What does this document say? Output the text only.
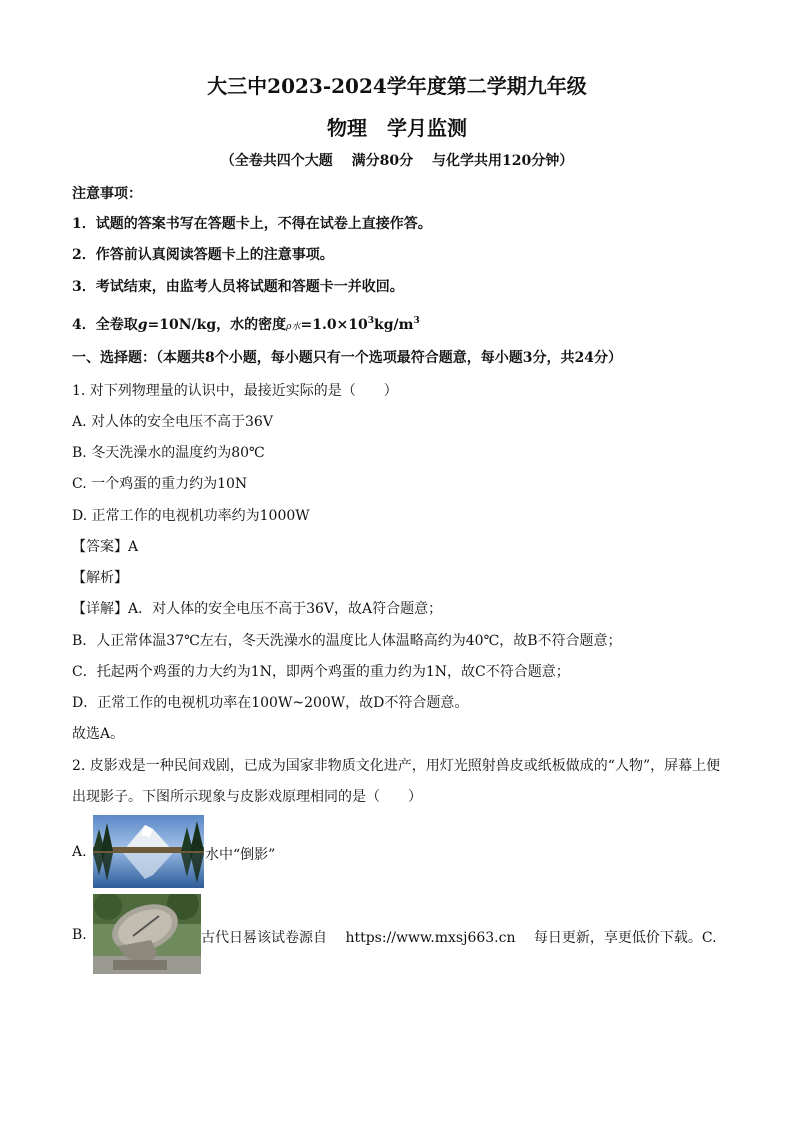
大三中2023-2024学年度第二学期九年级
物理　学月监测
（全卷共四个大题　 满分80分　 与化学共用120分钟）
注意事项：
1．试题的答案书写在答题卡上，不得在试卷上直接作答。
2．作答前认真阅读答题卡上的注意事项。
3．考试结束，由监考人员将试题和答题卡一并收回。
4．全卷取g=10N/kg，水的密度ρ水$=1.0\times 10^3kg/m^3$
一、选择题：（本题共8个小题，每小题只有一个选项最符合题意，每小题3分，共24分）
1. 对下列物理量的认识中，最接近实际的是（　　）
A. 对人体的安全电压不高于36V
B. 冬天洗澡水的温度约为80℃
C. 一个鸡蛋的重力约为10N
D. 正常工作的电视机功率约为1000W
【答案】A
【解析】
【详解】A．对人体的安全电压不高于36V，故A符合题意；
B．人正常体温37℃左右，冬天洗澡水的温度比人体温略高约为40℃，故B不符合题意；
C．托起两个鸡蛋的力大约为1N，即两个鸡蛋的重力约为1N，故C不符合题意；
D．正常工作的电视机功率在100W~200W，故D不符合题意。
故选A。
2. 皮影戏是一种民间戏剧，已成为国家非物质文化进产，用灯光照射兽皮或纸板做成的“人物”，屏幕上便
出现影子。下图所示现象与皮影戏原理相同的是（　　）
A.	水中“倒影”
B.	古代日晷该试卷源自　 https://www.mxsj663.cn　 每日更新，享更低价下载。C.
